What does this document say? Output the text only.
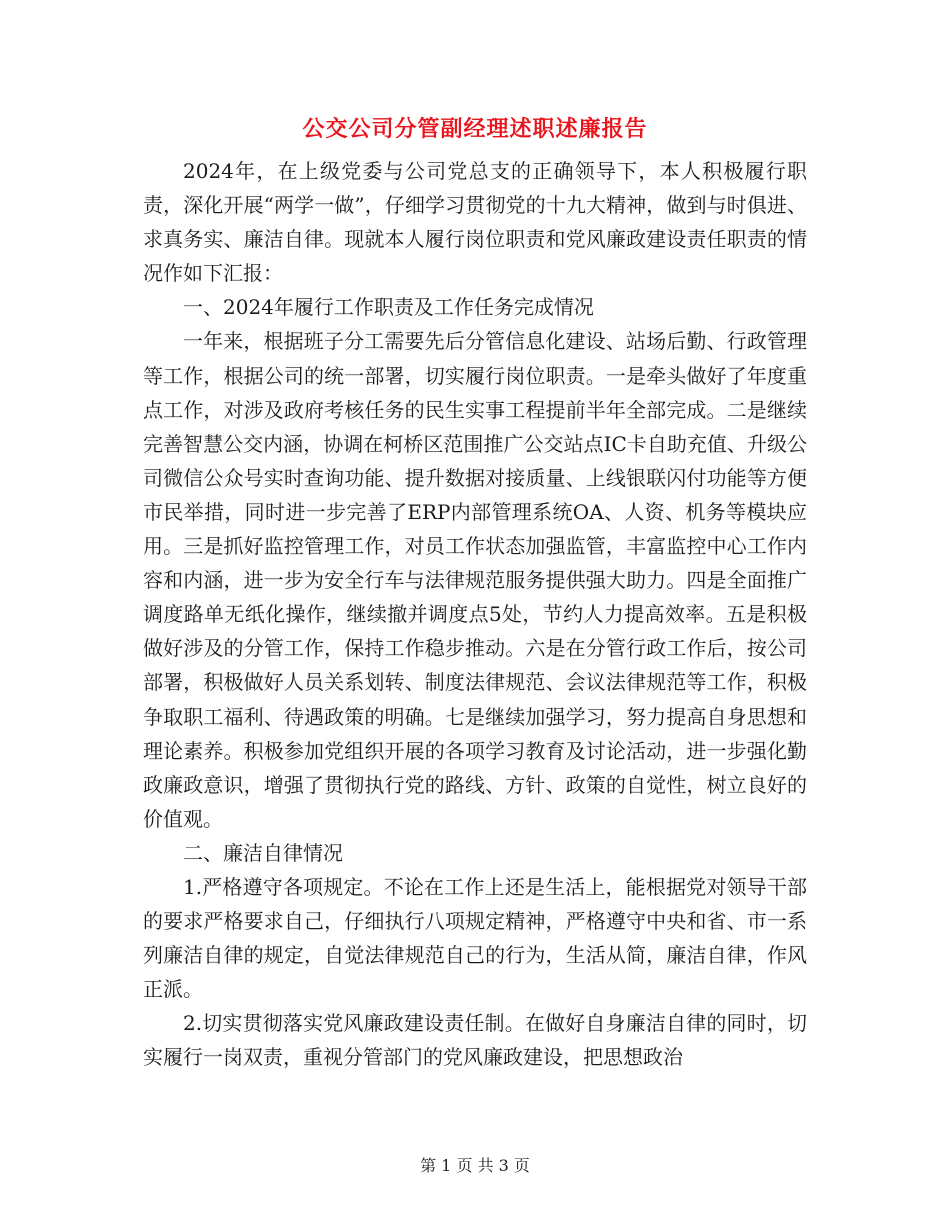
公交公司分管副经理述职述廉报告

2024年，在上级党委与公司党总支的正确领导下，本人积极履行职责，深化开展“两学一做”，仔细学习贯彻党的十九大精神，做到与时俱进、求真务实、廉洁自律。现就本人履行岗位职责和党风廉政建设责任职责的情况作如下汇报：

一、2024年履行工作职责及工作任务完成情况

一年来，根据班子分工需要先后分管信息化建设、站场后勤、行政管理等工作，根据公司的统一部署，切实履行岗位职责。一是牵头做好了年度重点工作，对涉及政府考核任务的民生实事工程提前半年全部完成。二是继续完善智慧公交内涵，协调在柯桥区范围推广公交站点IC卡自助充值、升级公司微信公众号实时查询功能、提升数据对接质量、上线银联闪付功能等方便市民举措，同时进一步完善了ERP内部管理系统OA、人资、机务等模块应用。三是抓好监控管理工作，对员工作状态加强监管，丰富监控中心工作内容和内涵，进一步为安全行车与法律规范服务提供强大助力。四是全面推广调度路单无纸化操作，继续撤并调度点5处，节约人力提高效率。五是积极做好涉及的分管工作，保持工作稳步推动。六是在分管行政工作后，按公司部署，积极做好人员关系划转、制度法律规范、会议法律规范等工作，积极争取职工福利、待遇政策的明确。七是继续加强学习，努力提高自身思想和理论素养。积极参加党组织开展的各项学习教育及讨论活动，进一步强化勤政廉政意识，增强了贯彻执行党的路线、方针、政策的自觉性，树立良好的价值观。

二、廉洁自律情况

1.严格遵守各项规定。不论在工作上还是生活上，能根据党对领导干部的要求严格要求自己，仔细执行八项规定精神，严格遵守中央和省、市一系列廉洁自律的规定，自觉法律规范自己的行为，生活从简，廉洁自律，作风正派。

2.切实贯彻落实党风廉政建设责任制。在做好自身廉洁自律的同时，切实履行一岗双责，重视分管部门的党风廉政建设，把思想政治

第 1 页 共 3 页
